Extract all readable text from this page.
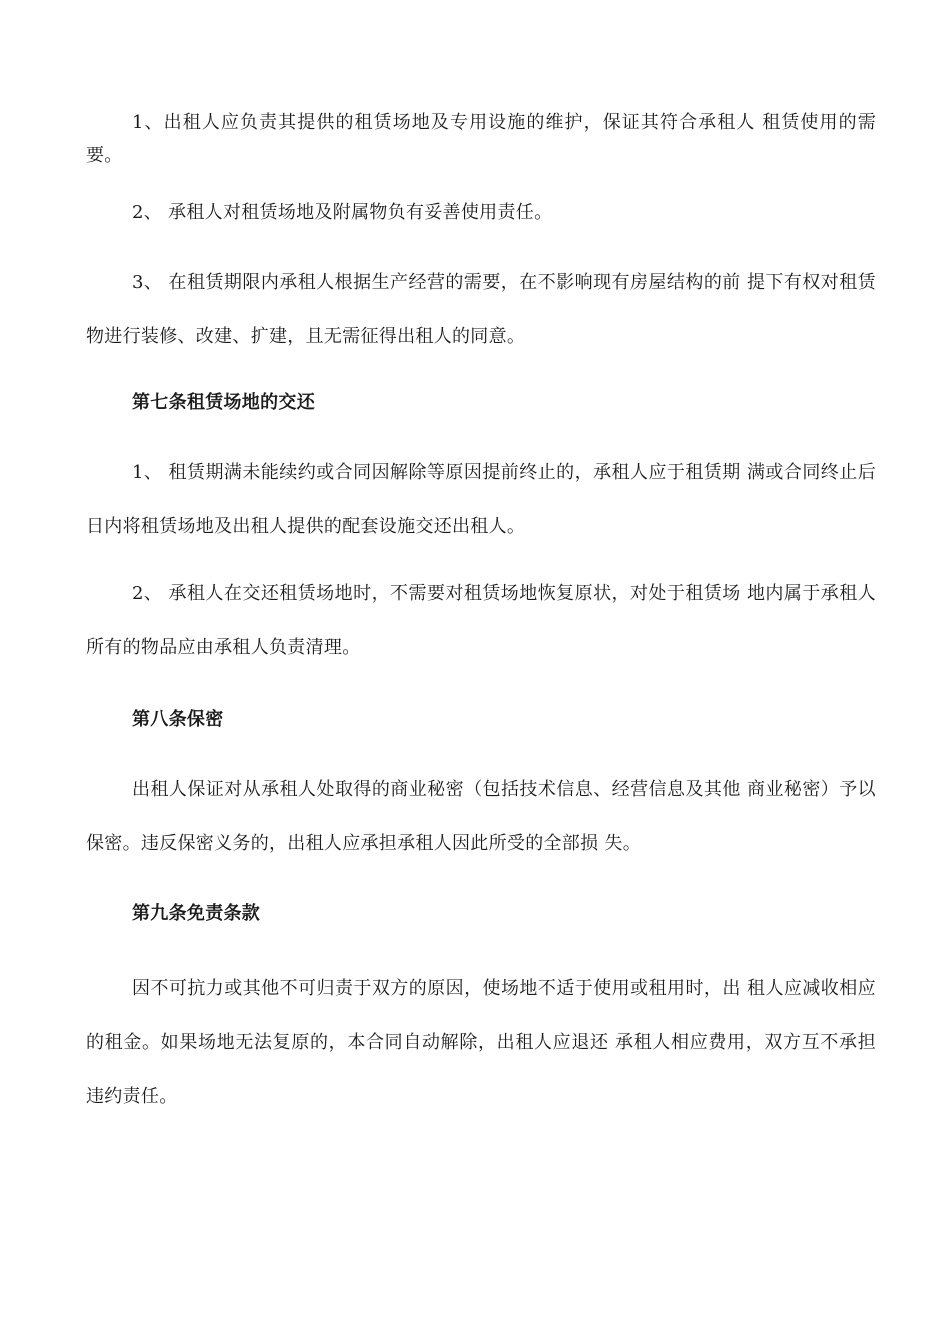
1、出租人应负责其提供的租赁场地及专用设施的维护，保证其符合承租人 租赁使用的需要。

2、 承租人对租赁场地及附属物负有妥善使用责任。

3、 在租赁期限内承租人根据生产经营的需要，在不影响现有房屋结构的前 提下有权对租赁物进行装修、改建、扩建，且无需征得出租人的同意。

第七条租赁场地的交还

1、 租赁期满未能续约或合同因解除等原因提前终止的，承租人应于租赁期 满或合同终止后 日内将租赁场地及出租人提供的配套设施交还出租人。

2、 承租人在交还租赁场地时，不需要对租赁场地恢复原状，对处于租赁场 地内属于承租人所有的物品应由承租人负责清理。

第八条保密

出租人保证对从承租人处取得的商业秘密（包括技术信息、经营信息及其他 商业秘密）予以保密。违反保密义务的，出租人应承担承租人因此所受的全部损 失。

第九条免责条款

因不可抗力或其他不可归责于双方的原因，使场地不适于使用或租用时，出 租人应减收相应的租金。如果场地无法复原的，本合同自动解除，出租人应退还 承租人相应费用，双方互不承担违约责任。
